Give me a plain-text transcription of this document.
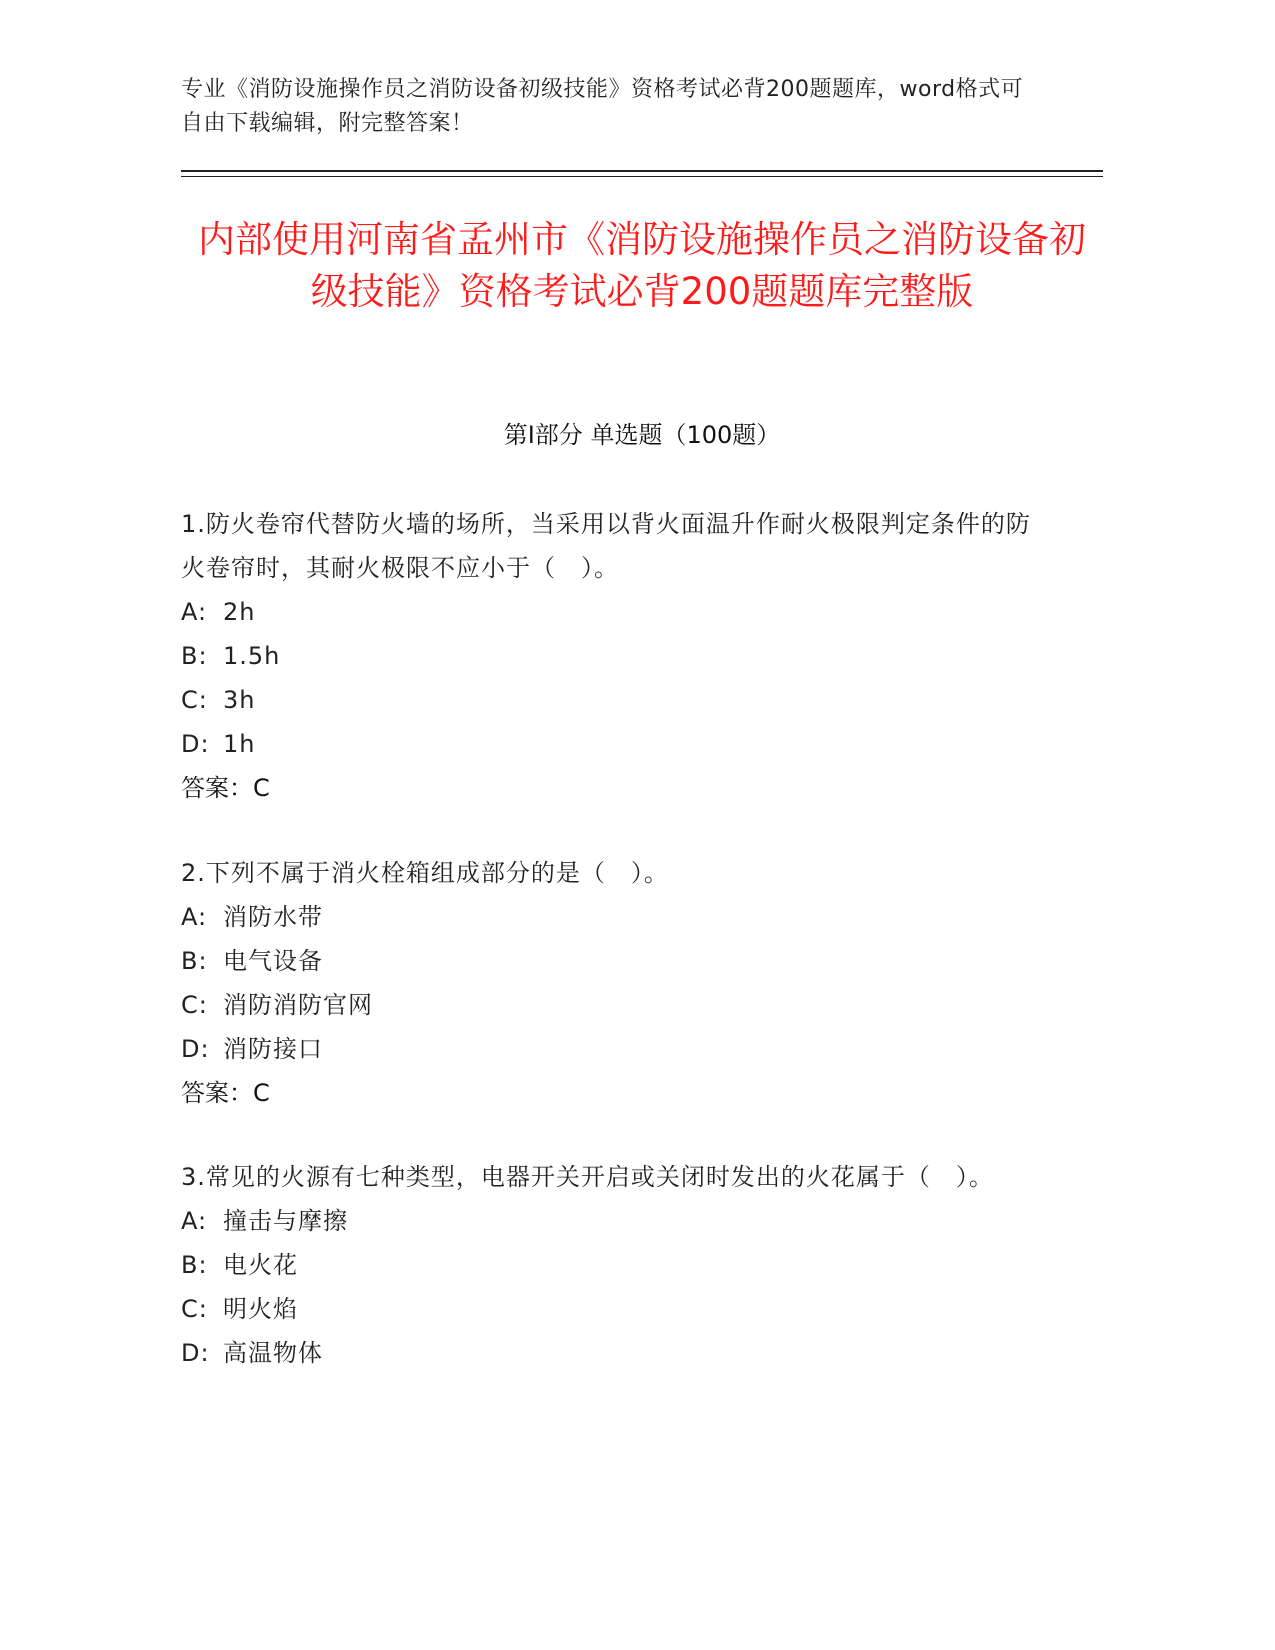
专业《消防设施操作员之消防设备初级技能》资格考试必背200题题库，word格式可自由下载编辑，附完整答案！
内部使用河南省孟州市《消防设施操作员之消防设备初级技能》资格考试必背200题题库完整版
第I部分 单选题（100题）
1.防火卷帘代替防火墙的场所，当采用以背火面温升作耐火极限判定条件的防火卷帘时，其耐火极限不应小于（　）。
A: 2h
B: 1.5h
C: 3h
D: 1h
答案：C
2.下列不属于消火栓箱组成部分的是（　）。
A: 消防水带
B: 电气设备
C: 消防消防官网
D: 消防接口
答案：C
3.常见的火源有七种类型，电器开关开启或关闭时发出的火花属于（　）。
A: 撞击与摩擦
B: 电火花
C: 明火焰
D: 高温物体
